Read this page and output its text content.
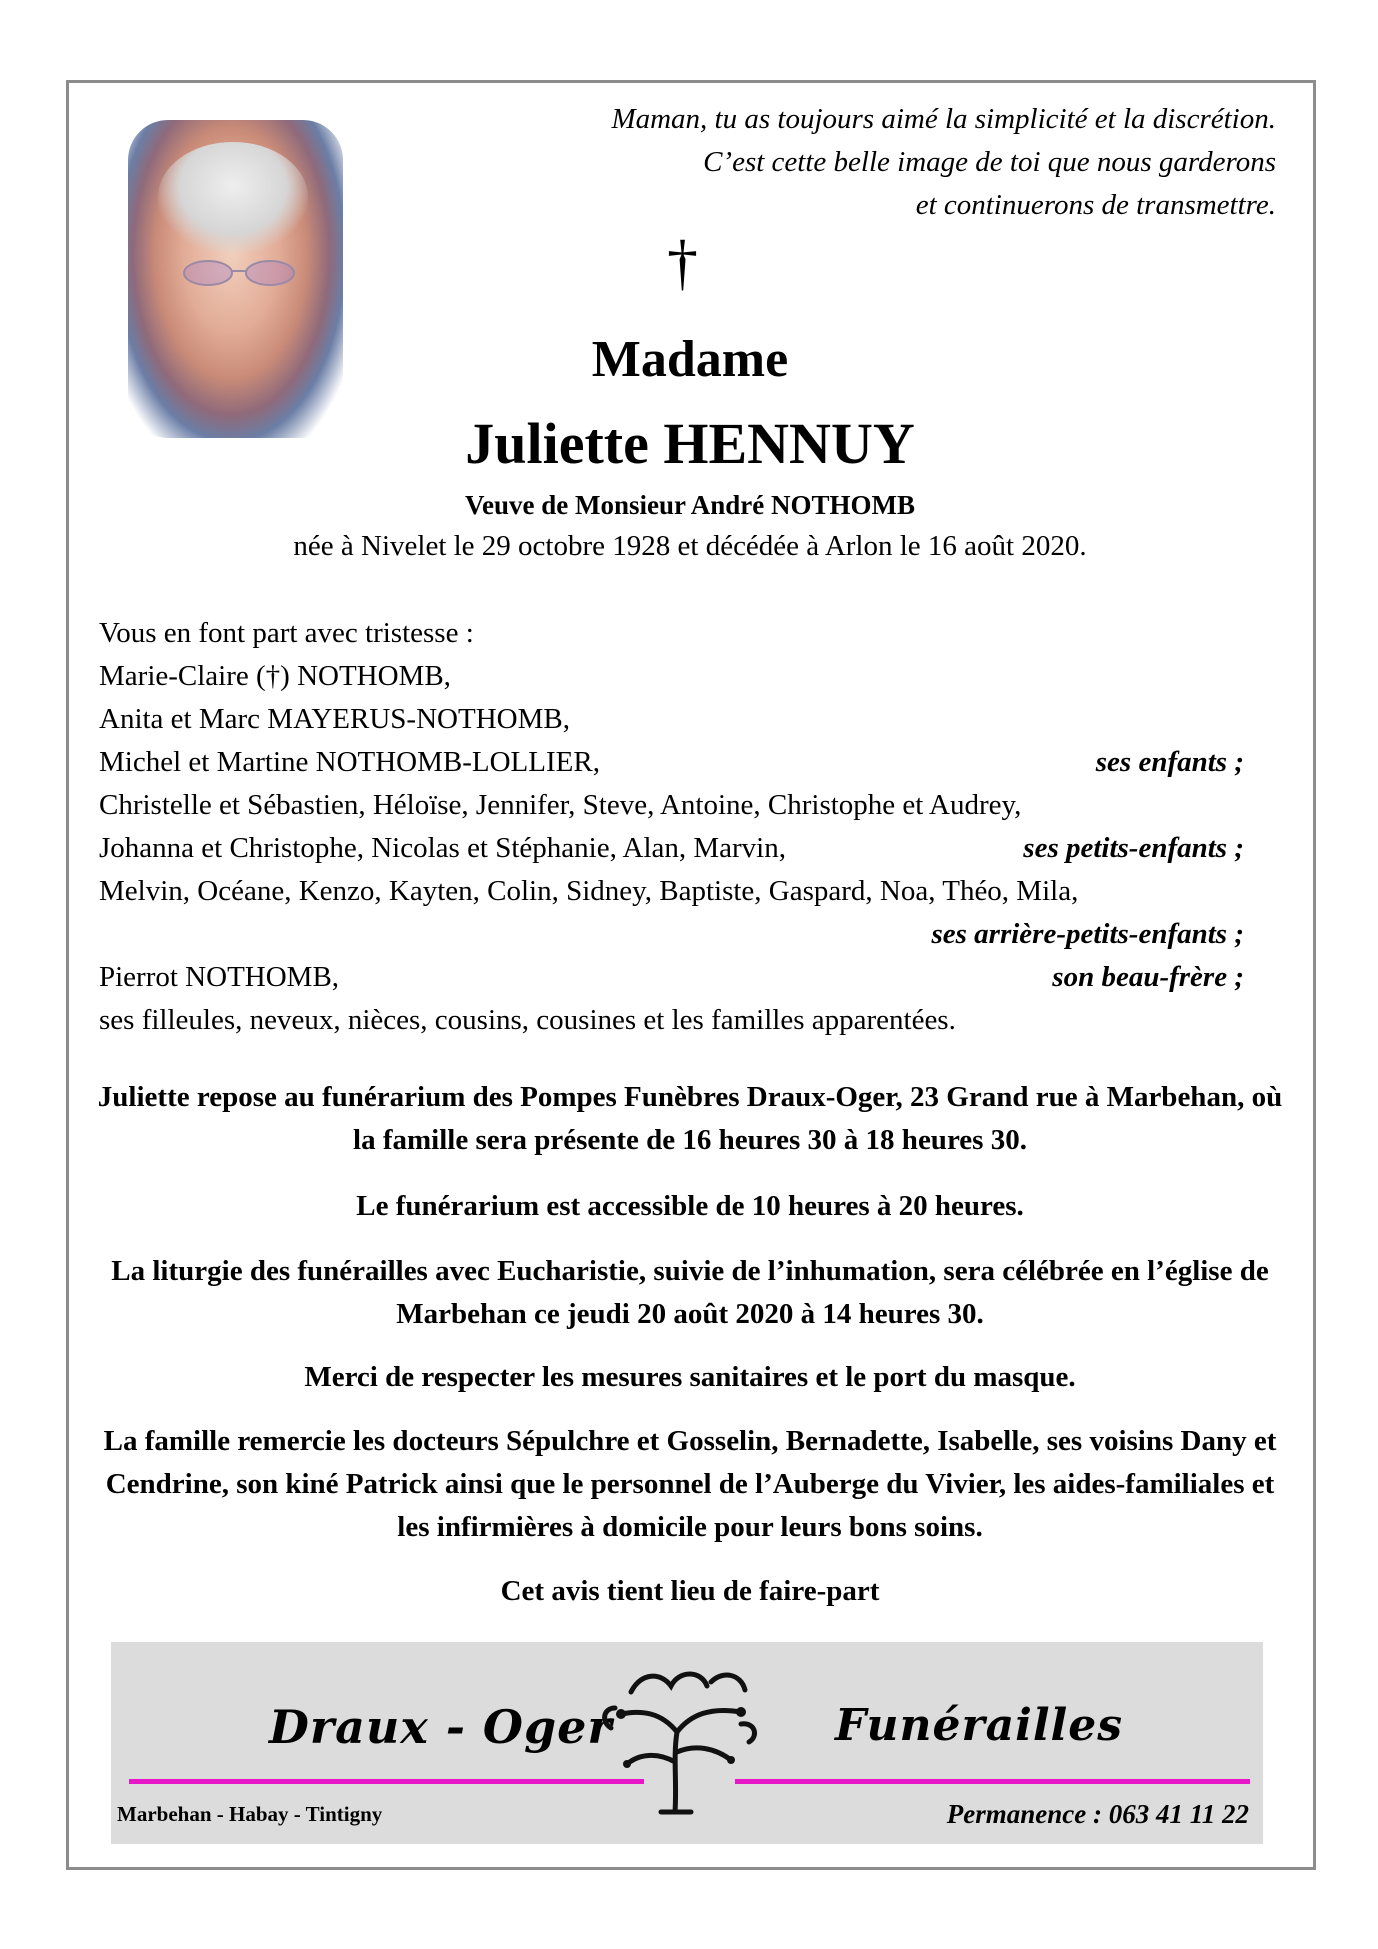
Maman, tu as toujours aimé la simplicité et la discrétion.
C’est cette belle image de toi que nous garderons
et continuerons de transmettre.
†
Madame
Juliette HENNUY
Veuve de Monsieur André NOTHOMB
née à Nivelet le 29 octobre 1928 et décédée à Arlon le 16 août 2020.
Vous en font part avec tristesse :
Marie-Claire (†) NOTHOMB,
Anita et Marc MAYERUS-NOTHOMB,
Michel et Martine NOTHOMB-LOLLIER,	ses enfants ;
Christelle et Sébastien, Héloïse, Jennifer, Steve, Antoine, Christophe et Audrey,
Johanna et Christophe, Nicolas et Stéphanie, Alan, Marvin,	ses petits-enfants ;
Melvin, Océane, Kenzo, Kayten, Colin, Sidney, Baptiste, Gaspard, Noa, Théo, Mila,
ses arrière-petits-enfants ;
Pierrot NOTHOMB,	son beau-frère ;
ses filleules, neveux, nièces, cousins, cousines et les familles apparentées.
Juliette repose au funérarium des Pompes Funèbres Draux-Oger, 23 Grand rue à Marbehan, où la famille sera présente de 16 heures 30 à 18 heures 30.
Le funérarium est accessible de 10 heures à 20 heures.
La liturgie des funérailles avec Eucharistie, suivie de l’inhumation, sera célébrée en l’église de Marbehan ce jeudi 20 août 2020 à 14 heures 30.
Merci de respecter les mesures sanitaires et le port du masque.
La famille remercie les docteurs Sépulchre et Gosselin, Bernadette, Isabelle, ses voisins Dany et Cendrine, son kiné Patrick ainsi que le personnel de l’Auberge du Vivier, les aides-familiales et les infirmières à domicile pour leurs bons soins.
Cet avis tient lieu de faire-part
Draux - Oger	Funérailles
Marbehan - Habay - Tintigny	Permanence : 063 41 11 22
